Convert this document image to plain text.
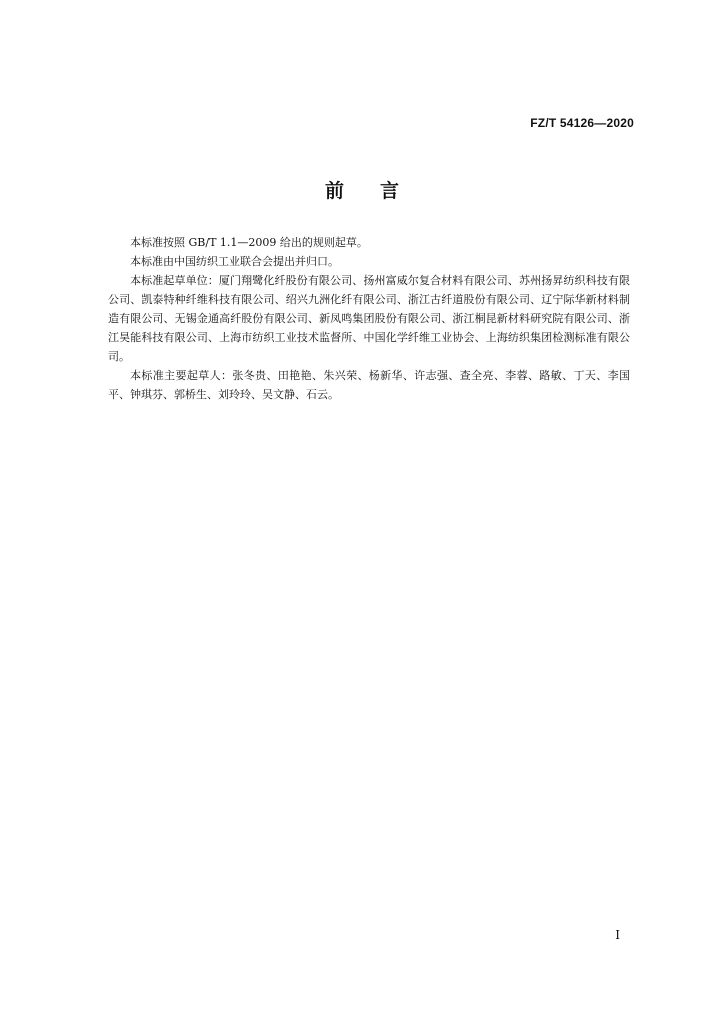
FZ/T 54126—2020
前言

本标准按照 GB/T 1.1—2009 给出的规则起草。

本标准由中国纺织工业联合会提出并归口。

本标准起草单位：厦门翔鹭化纤股份有限公司、扬州富威尔复合材料有限公司、苏州扬昇纺织科技有限公司、凯泰特种纤维科技有限公司、绍兴九洲化纤有限公司、浙江古纤道股份有限公司、辽宁际华新材料制造有限公司、无锡金通高纤股份有限公司、新凤鸣集团股份有限公司、浙江桐昆新材料研究院有限公司、浙江昊能科技有限公司、上海市纺织工业技术监督所、中国化学纤维工业协会、上海纺织集团检测标准有限公司。

本标准主要起草人：张冬贵、田艳艳、朱兴荣、杨新华、许志强、查全亮、李蓉、路敏、丁天、李国平、钟琪芬、郭桥生、刘玲玲、吴文静、石云。

I
